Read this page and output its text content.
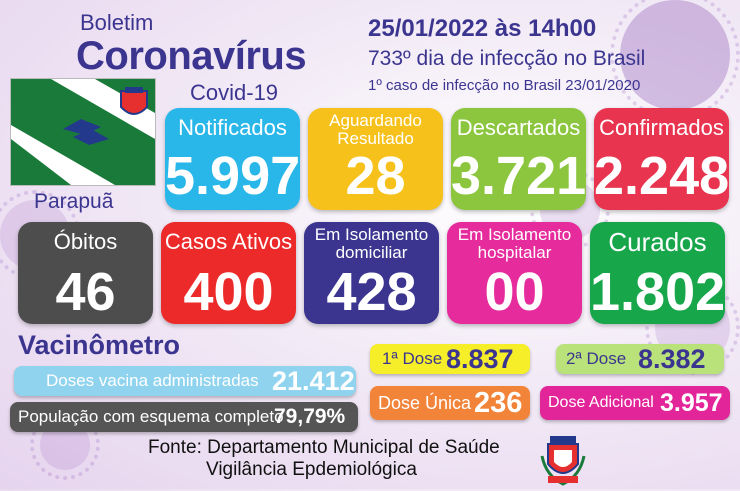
Boletim
Coronavírus
Covid-19
25/01/2022 às 14h00
733º dia de infecção no Brasil
1º caso de infecção no Brasil 23/01/2020
Parapuã
Notificados
5.997
Aguardando
Resultado
28
Descartados
3.721
Confirmados
2.248
Óbitos
46
Casos Ativos
400
Em Isolamento
domiciliar
428
Em Isolamento
hospitalar
00
Curados
1.802
Vacinômetro
Doses vacina administradas 21.412
População com esquema completo
79,79%
1ª Dose 8.837	2ª Dose 8.382
Dose Única 236 Dose Adicional 3.957
Fonte: Departamento Municipal de Saúde
Vigilância Epdemiológica
